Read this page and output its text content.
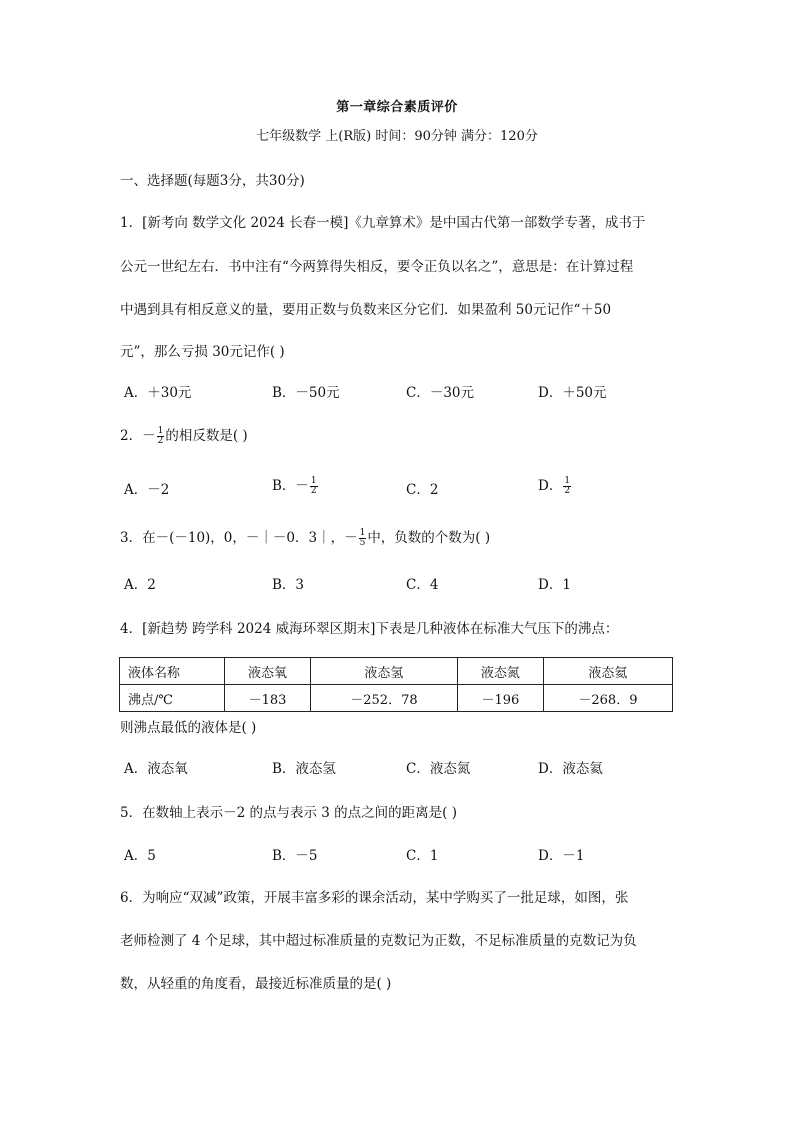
第一章综合素质评价
七年级数学 上(R版) 时间：90分钟 满分：120分
一、选择题(每题3分，共30分)
1．[新考向 数学文化 2024 长春一模]《九章算术》是中国古代第一部数学专著，成书于
公元一世纪左右．书中注有“今两算得失相反，要令正负以名之”，意思是：在计算过程
中遇到具有相反意义的量，要用正数与负数来区分它们．如果盈利 50元记作“＋50
元”，那么亏损 30元记作( )
A．＋30元	B．－50元	C．－30元	D．＋50元
2．－ $\frac{1}{2}$ 的相反数是( )
A．－2	B．－ $\frac{1}{2}$	C．2	D． $\frac{1}{2}$
3．在－(－10)，0，－｜－0．3｜，－ $\frac{1}{5}$ 中，负数的个数为( )
A．2	B．3	C．4	D．1
4．[新趋势 跨学科 2024 威海环翠区期末]下表是几种液体在标准大气压下的沸点：
液体名称	液态氧	液态氢	液态氮	液态氦
沸点/℃	－183	－252．78	－196	－268．9
则沸点最低的液体是( )
A．液态氧	B．液态氢	C．液态氮	D．液态氦
5．在数轴上表示－2 的点与表示 3 的点之间的距离是( )
A．5	B．－5	C．1	D．－1
6．为响应“双减”政策，开展丰富多彩的课余活动，某中学购买了一批足球，如图，张
老师检测了 4 个足球，其中超过标准质量的克数记为正数，不足标准质量的克数记为负
数，从轻重的角度看，最接近标准质量的是( )
